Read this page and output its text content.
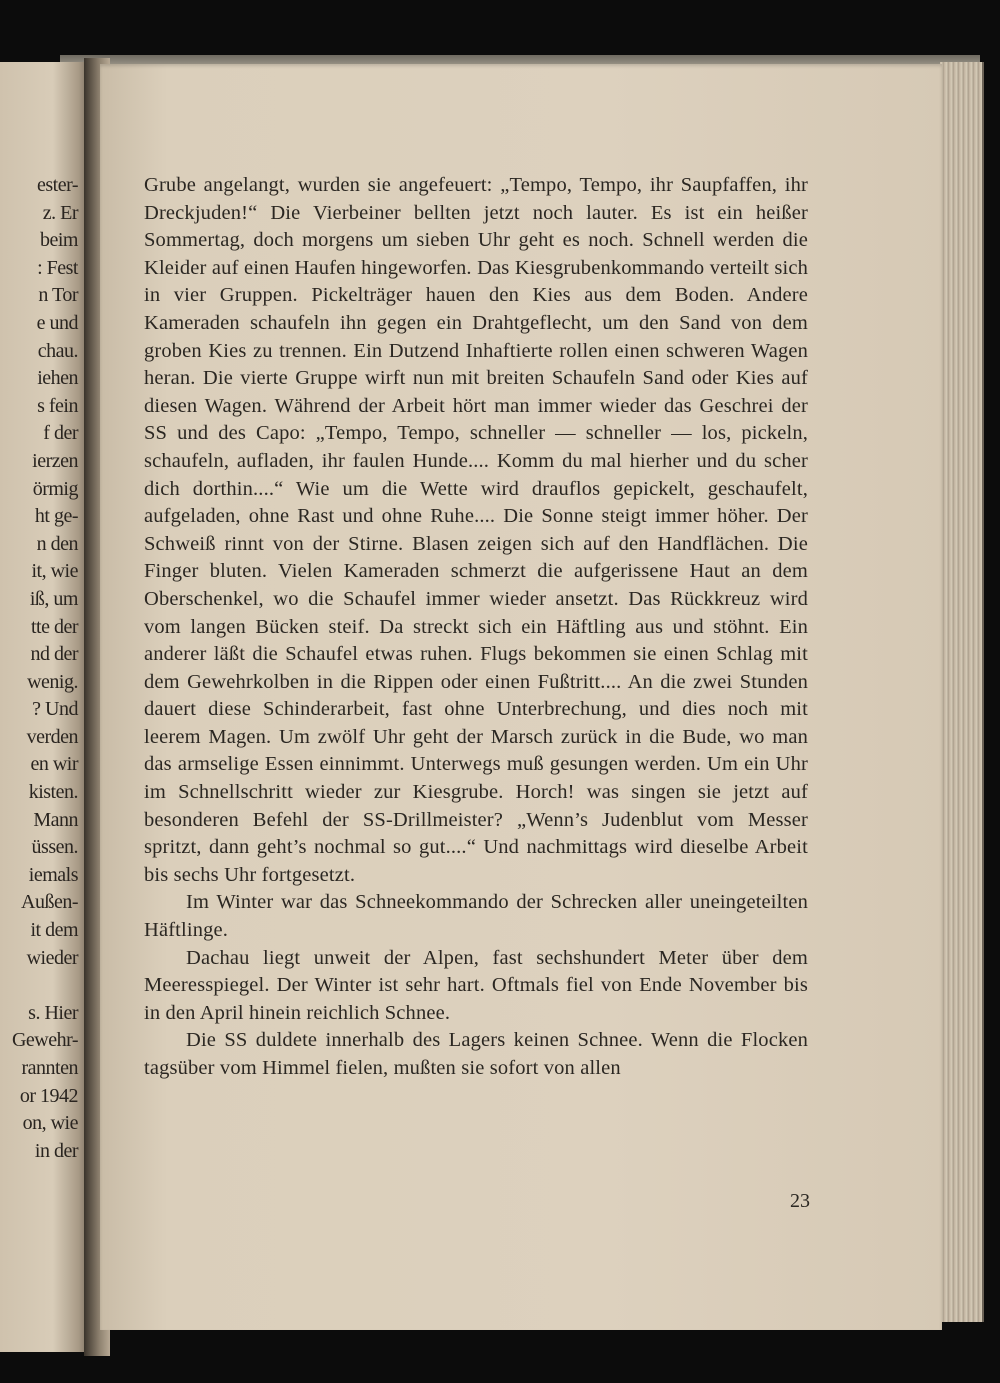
ester-
z. Er
beim
: Fest
n Tor
e und
chau.
iehen
s fein
f der
ierzen
örmig
ht ge-
n den
it, wie
iß, um
tte der
nd der
wenig.
? Und
verden
en wir
kisten.
Mann
üssen.
iemals
Außen-
it dem
wieder

s. Hier
Gewehr-
rannten
or 1942
on, wie
in der

Grube angelangt, wurden sie angefeuert: „Tempo, Tempo, ihr Saupfaffen, ihr Dreckjuden!“ Die Vierbeiner bellten jetzt noch lauter. Es ist ein heißer Sommertag, doch morgens um sieben Uhr geht es noch. Schnell werden die Kleider auf einen Haufen hingeworfen. Das Kiesgrubenkommando verteilt sich in vier Gruppen. Pickelträger hauen den Kies aus dem Boden. Andere Kameraden schaufeln ihn gegen ein Drahtgeflecht, um den Sand von dem groben Kies zu trennen. Ein Dutzend Inhaftierte rollen einen schweren Wagen heran. Die vierte Gruppe wirft nun mit breiten Schaufeln Sand oder Kies auf diesen Wagen. Während der Arbeit hört man immer wieder das Geschrei der SS und des Capo: „Tempo, Tempo, schneller — schneller — los, pickeln, schaufeln, aufladen, ihr faulen Hunde.... Komm du mal hierher und du scher dich dorthin....“ Wie um die Wette wird drauflos gepickelt, geschaufelt, aufgeladen, ohne Rast und ohne Ruhe.... Die Sonne steigt immer höher. Der Schweiß rinnt von der Stirne. Blasen zeigen sich auf den Handflächen. Die Finger bluten. Vielen Kameraden schmerzt die aufgerissene Haut an dem Oberschenkel, wo die Schaufel immer wieder ansetzt. Das Rückkreuz wird vom langen Bücken steif. Da streckt sich ein Häftling aus und stöhnt. Ein anderer läßt die Schaufel etwas ruhen. Flugs bekommen sie einen Schlag mit dem Gewehrkolben in die Rippen oder einen Fußtritt.... An die zwei Stunden dauert diese Schinderarbeit, fast ohne Unterbrechung, und dies noch mit leerem Magen. Um zwölf Uhr geht der Marsch zurück in die Bude, wo man das armselige Essen einnimmt. Unterwegs muß gesungen werden. Um ein Uhr im Schnellschritt wieder zur Kiesgrube. Horch! was singen sie jetzt auf besonderen Befehl der SS-Drillmeister? „Wenn’s Judenblut vom Messer spritzt, dann geht’s nochmal so gut....“ Und nachmittags wird dieselbe Arbeit bis sechs Uhr fortgesetzt.

Im Winter war das Schneekommando der Schrecken aller uneingeteilten Häftlinge.

Dachau liegt unweit der Alpen, fast sechshundert Meter über dem Meeresspiegel. Der Winter ist sehr hart. Oftmals fiel von Ende November bis in den April hinein reichlich Schnee.

Die SS duldete innerhalb des Lagers keinen Schnee. Wenn die Flocken tagsüber vom Himmel fielen, mußten sie sofort von allen

23
